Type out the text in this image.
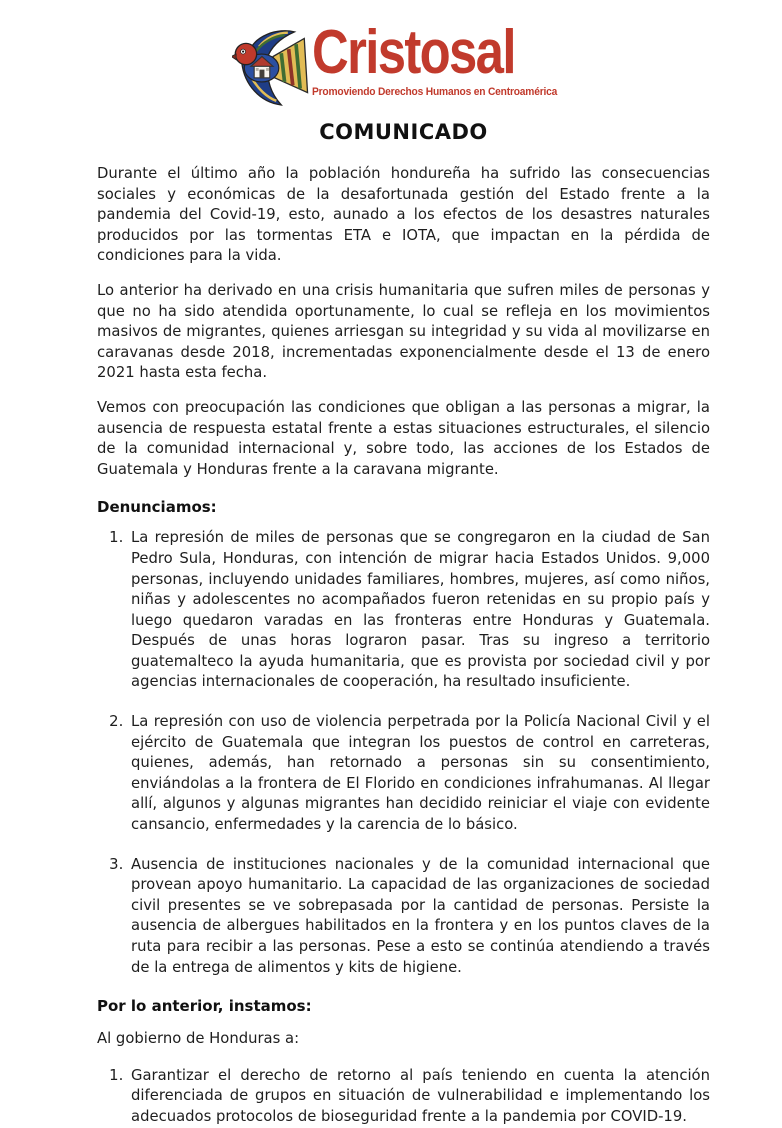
Cristosal
Promoviendo Derechos Humanos en Centroamérica
COMUNICADO

Durante el último año la población hondureña ha sufrido las consecuencias sociales y económicas de la desafortunada gestión del Estado frente a la pandemia del Covid-19, esto, aunado a los efectos de los desastres naturales producidos por las tormentas ETA e IOTA, que impactan en la pérdida de condiciones para la vida.

Lo anterior ha derivado en una crisis humanitaria que sufren miles de personas y que no ha sido atendida oportunamente, lo cual se refleja en los movimientos masivos de migrantes, quienes arriesgan su integridad y su vida al movilizarse en caravanas desde 2018, incrementadas exponencialmente desde el 13 de enero 2021 hasta esta fecha.

Vemos con preocupación las condiciones que obligan a las personas a migrar, la ausencia de respuesta estatal frente a estas situaciones estructurales, el silencio de la comunidad internacional y, sobre todo, las acciones de los Estados de Guatemala y Honduras frente a la caravana migrante.

Denunciamos:
1. La represión de miles de personas que se congregaron en la ciudad de San Pedro Sula, Honduras, con intención de migrar hacia Estados Unidos. 9,000 personas, incluyendo unidades familiares, hombres, mujeres, así como niños, niñas y adolescentes no acompañados fueron retenidas en su propio país y luego quedaron varadas en las fronteras entre Honduras y Guatemala. Después de unas horas lograron pasar. Tras su ingreso a territorio guatemalteco la ayuda humanitaria, que es provista por sociedad civil y por agencias internacionales de cooperación, ha resultado insuficiente.
2. La represión con uso de violencia perpetrada por la Policía Nacional Civil y el ejército de Guatemala que integran los puestos de control en carreteras, quienes, además, han retornado a personas sin su consentimiento, enviándolas a la frontera de El Florido en condiciones infrahumanas. Al llegar allí, algunos y algunas migrantes han decidido reiniciar el viaje con evidente cansancio, enfermedades y la carencia de lo básico.
3. Ausencia de instituciones nacionales y de la comunidad internacional que provean apoyo humanitario. La capacidad de las organizaciones de sociedad civil presentes se ve sobrepasada por la cantidad de personas. Persiste la ausencia de albergues habilitados en la frontera y en los puntos claves de la ruta para recibir a las personas. Pese a esto se continúa atendiendo a través de la entrega de alimentos y kits de higiene.
Por lo anterior, instamos:

Al gobierno de Honduras a:

1. Garantizar el derecho de retorno al país teniendo en cuenta la atención diferenciada de grupos en situación de vulnerabilidad e implementando los adecuados protocolos de bioseguridad frente a la pandemia por COVID-19.
